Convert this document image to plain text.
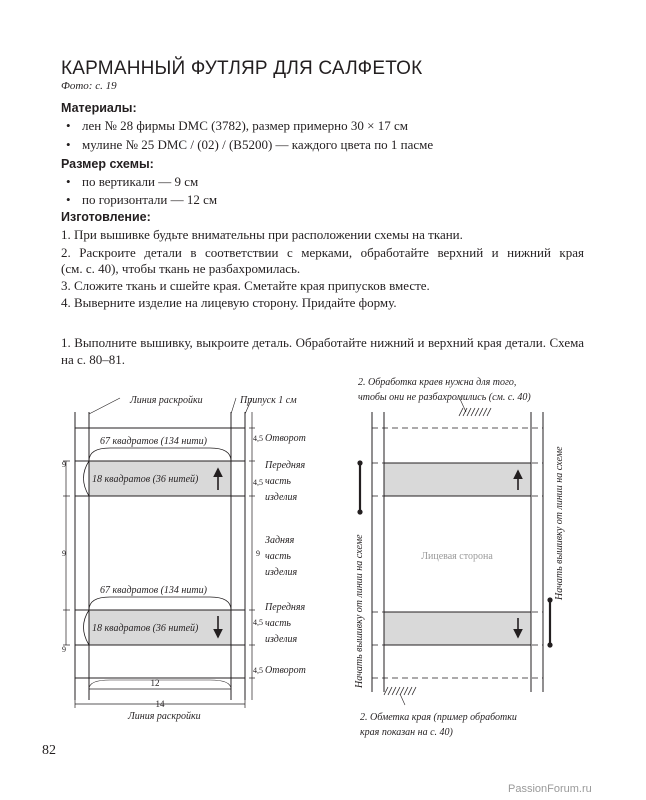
КАРМАННЫЙ ФУТЛЯР ДЛЯ САЛФЕТОК
Фото: с. 19
Материалы:
• лен № 28 фирмы DMC (3782), размер примерно 30 × 17 см
• мулине № 25 DMC / (02) / (B5200) — каждого цвета по 1 пасме
Размер схемы:
• по вертикали — 9 см
• по горизонтали — 12 см
Изготовление:
1. При вышивке будьте внимательны при расположении схемы на ткани.
2. Раскроите детали в соответствии с мерками, обработайте верхний и нижний края
(см. с. 40), чтобы ткань не разбахромилась.
3. Сложите ткань и сшейте края. Сметайте края припусков вместе.
4. Выверните изделие на лицевую сторону. Придайте форму.
1. Выполните вышивку, выкроите деталь. Обработайте нижний и верхний края детали. Схема на с. 80–81.
Линия раскройки	Припуск 1 см
67 квадратов (134 нити)
18 квадратов (36 нитей)
67 квадратов (134 нити)
18 квадратов (36 нитей)
12
14
Линия раскройки
9
9
9
4,5
4,5
9
4,5
4,5
Отворот
Передняя
часть
изделия
Задняя
часть
изделия
Передняя
часть
изделия
Отворот
2. Обработка краев нужна для того,
чтобы они не разбахромились (см. с. 40)
Лицевая сторона	Начать вышивку от линии на схеме
Начать вышивку от линии на схеме
2. Обметка края (пример обработки
края показан на с. 40)
82
PassionForum.ru
